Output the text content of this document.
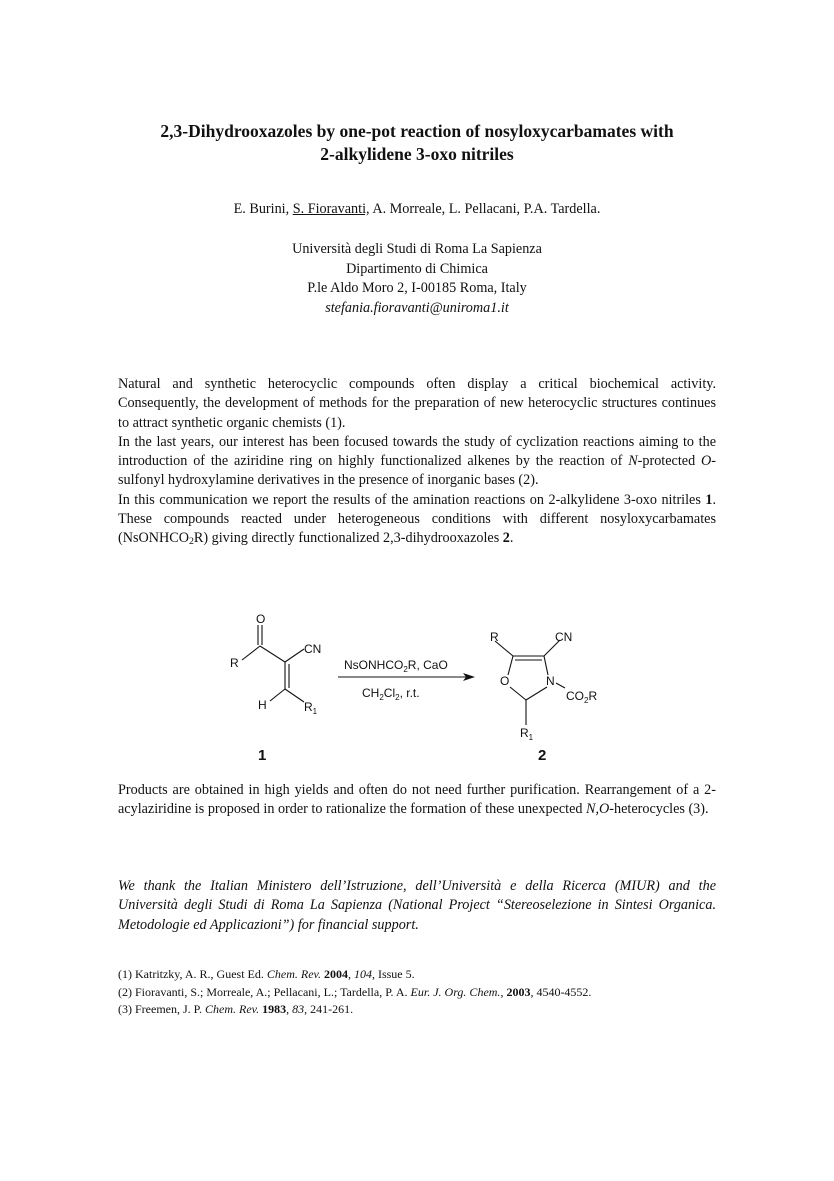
2,3-Dihydrooxazoles by one-pot reaction of nosyloxycarbamates with
2-alkylidene 3-oxo nitriles
E. Burini, S. Fioravanti, A. Morreale, L. Pellacani, P.A. Tardella.
Università degli Studi di Roma La Sapienza
Dipartimento di Chimica
P.le Aldo Moro 2, I-00185 Roma, Italy
stefania.fioravanti@uniroma1.it

Natural and synthetic heterocyclic compounds often display a critical biochemical activity. Consequently, the development of methods for the preparation of new heterocyclic structures continues to attract synthetic organic chemists (1).

In the last years, our interest has been focused towards the study of cyclization reactions aiming to the introduction of the aziridine ring on highly functionalized alkenes by the reaction of N-protected O-sulfonyl hydroxylamine derivatives in the presence of inorganic bases (2).

In this communication we report the results of the amination reactions on 2-alkylidene 3-oxo nitriles 1. These compounds reacted under heterogeneous conditions with different nosyloxycarbamates (NsONHCO$_2$R) giving directly functionalized 2,3-dihydrooxazoles 2.

O
R
CN
H	$R_1$
1
NsONHCO$_2$R, CaO
$CH_2Cl_2$, r.t.
R	CN
O	N
$CO_2R$
$R_1$
2

Products are obtained in high yields and often do not need further purification. Rearrangement of a 2-acylaziridine is proposed in order to rationalize the formation of these unexpected N,O-heterocycles (3).

We thank the Italian Ministero dell’Istruzione, dell’Università e della Ricerca (MIUR) and the Università degli Studi di Roma La Sapienza (National Project “Stereoselezione in Sintesi Organica. Metodologie ed Applicazioni”) for financial support.
(1) Katritzky, A. R., Guest Ed. Chem. Rev. 2004, 104, Issue 5.
(2) Fioravanti, S.; Morreale, A.; Pellacani, L.; Tardella, P. A. Eur. J. Org. Chem., 2003, 4540-4552.
(3) Freemen, J. P. Chem. Rev. 1983, 83, 241-261.
